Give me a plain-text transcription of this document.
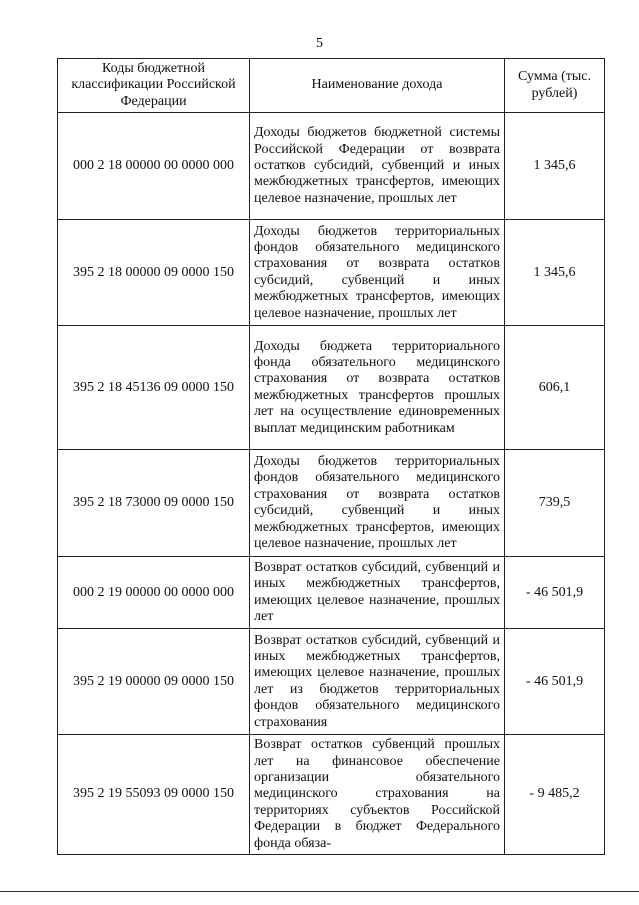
5
Коды бюджетной классификации Российской Федерации	Наименование дохода	Сумма (тыс. рублей)
000 2 18 00000 00 0000 000	Доходы бюджетов бюджетной системы Российской Федерации от возврата остатков субсидий, субвенций и иных межбюджетных трансфертов, имеющих целевое назначение, прошлых лет	1 345,6
395 2 18 00000 09 0000 150	Доходы бюджетов территориальных фондов обязательного медицинского страхования от возврата остатков субсидий, субвенций и иных межбюджетных трансфертов, имеющих целевое назначение, прошлых лет	1 345,6
395 2 18 45136 09 0000 150	Доходы бюджета территориального фонда обязательного медицинского страхования от возврата остатков межбюджетных трансфертов прошлых лет на осуществление единовременных выплат медицинским работникам	606,1
395 2 18 73000 09 0000 150	Доходы бюджетов территориальных фондов обязательного медицинского страхования от возврата остатков субсидий, субвенций и иных межбюджетных трансфертов, имеющих целевое назначение, прошлых лет	739,5
000 2 19 00000 00 0000 000	Возврат остатков субсидий, субвенций и иных межбюджетных трансфертов, имеющих целевое назначение, прошлых лет	- 46 501,9
395 2 19 00000 09 0000 150	Возврат остатков субсидий, субвенций и иных межбюджетных трансфертов, имеющих целевое назначение, прошлых лет из бюджетов территориальных фондов обязательного медицинского страхования	- 46 501,9
395 2 19 55093 09 0000 150	Возврат остатков субвенций прошлых лет на финансовое обеспечение организации обязательного медицинского страхования на территориях субъектов Российской Федерации в бюджет Федерального фонда обяза-	- 9 485,2
